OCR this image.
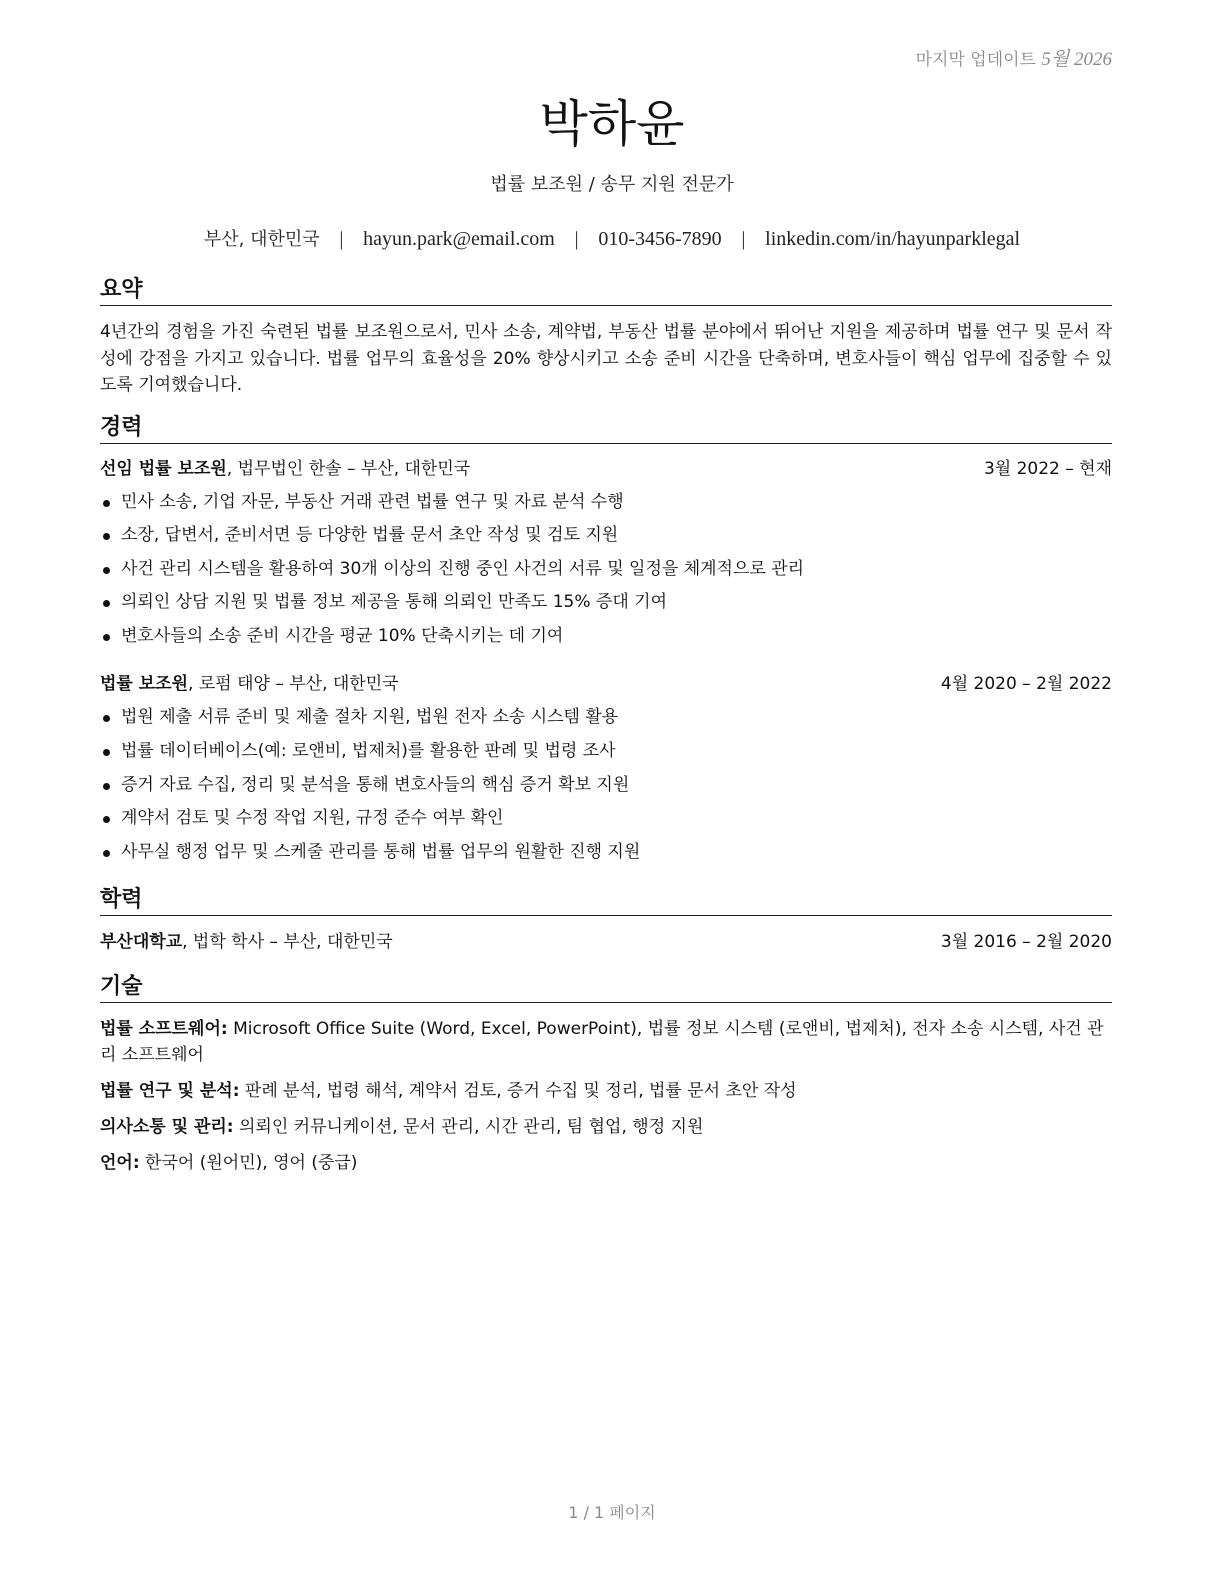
마지막 업데이트 5월 2026
박하윤
법률 보조원 / 송무 지원 전문가
부산, 대한민국 | hayun.park@email.com | 010-3456-7890 | linkedin.com/in/hayunparklegal
요약

4년간의 경험을 가진 숙련된 법률 보조원으로서, 민사 소송, 계약법, 부동산 법률 분야에서 뛰어난 지원을 제공하며 법률 연구 및 문서 작성에 강점을 가지고 있습니다. 법률 업무의 효율성을 20% 향상시키고 소송 준비 시간을 단축하며, 변호사들이 핵심 업무에 집중할 수 있도록 기여했습니다.

경력
선임 법률 보조원, 법무법인 한솔 – 부산, 대한민국	3월 2022 – 현재
민사 소송, 기업 자문, 부동산 거래 관련 법률 연구 및 자료 분석 수행
소장, 답변서, 준비서면 등 다양한 법률 문서 초안 작성 및 검토 지원
사건 관리 시스템을 활용하여 30개 이상의 진행 중인 사건의 서류 및 일정을 체계적으로 관리
의뢰인 상담 지원 및 법률 정보 제공을 통해 의뢰인 만족도 15% 증대 기여
변호사들의 소송 준비 시간을 평균 10% 단축시키는 데 기여
법률 보조원, 로펌 태양 – 부산, 대한민국	4월 2020 – 2월 2022
법원 제출 서류 준비 및 제출 절차 지원, 법원 전자 소송 시스템 활용
법률 데이터베이스(예: 로앤비, 법제처)를 활용한 판례 및 법령 조사
증거 자료 수집, 정리 및 분석을 통해 변호사들의 핵심 증거 확보 지원
계약서 검토 및 수정 작업 지원, 규정 준수 여부 확인
사무실 행정 업무 및 스케줄 관리를 통해 법률 업무의 원활한 진행 지원
학력
부산대학교, 법학 학사 – 부산, 대한민국	3월 2016 – 2월 2020
기술
법률 소프트웨어: Microsoft Office Suite (Word, Excel, PowerPoint), 법률 정보 시스템 (로앤비, 법제처), 전자 소송 시스템, 사건 관리 소프트웨어
법률 연구 및 분석: 판례 분석, 법령 해석, 계약서 검토, 증거 수집 및 정리, 법률 문서 초안 작성
의사소통 및 관리: 의뢰인 커뮤니케이션, 문서 관리, 시간 관리, 팀 협업, 행정 지원
언어: 한국어 (원어민), 영어 (중급)
1 / 1 페이지
